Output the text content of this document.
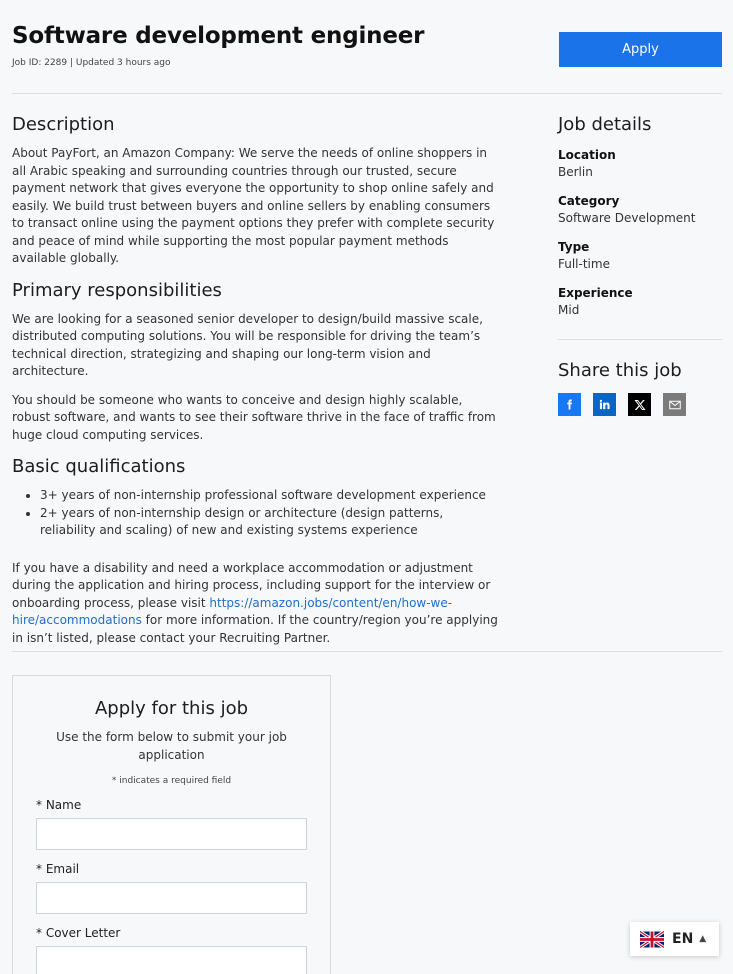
Software development engineer
Job ID: 2289 | Updated 3 hours ago
Apply
Description

About PayFort, an Amazon Company: We serve the needs of online shoppers in all Arabic speaking and surrounding countries through our trusted, secure payment network that gives everyone the opportunity to shop online safely and easily. We build trust between buyers and online sellers by enabling consumers to transact online using the payment options they prefer with complete security and peace of mind while supporting the most popular payment methods available globally.

Primary responsibilities

We are looking for a seasoned senior developer to design/build massive scale, distributed computing solutions. You will be responsible for driving the team’s technical direction, strategizing and shaping our long-term vision and architecture.

You should be someone who wants to conceive and design highly scalable, robust software, and wants to see their software thrive in the face of traffic from huge cloud computing services.

Basic qualifications
• 3+ years of non-internship professional software development experience
• 2+ years of non-internship design or architecture (design patterns, reliability and scaling) of new and existing systems experience

If you have a disability and need a workplace accommodation or adjustment during the application and hiring process, including support for the interview or onboarding process, please visit https://amazon.jobs/content/en/how-we-hire/accommodations for more information. If the country/region you’re applying in isn’t listed, please contact your Recruiting Partner.

Job details
Location
Berlin
Category
Software Development
Type
Full-time
Experience
Mid
Share this job
Apply for this job

Use the form below to submit your job application

* indicates a required field

* Name
* Email
* Cover Letter	EN ▲
